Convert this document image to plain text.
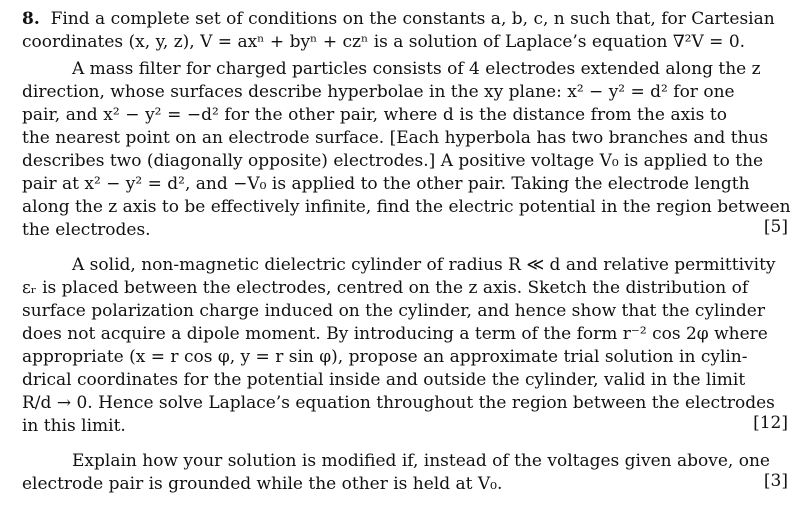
8. Find a complete set of conditions on the constants a, b, c, n such that, for Cartesian
coordinates (x, y, z), V = axⁿ + byⁿ + czⁿ is a solution of Laplace’s equation ∇²V = 0.
A mass filter for charged particles consists of 4 electrodes extended along the z
direction, whose surfaces describe hyperbolae in the xy plane: x² − y² = d² for one
pair, and x² − y² = −d² for the other pair, where d is the distance from the axis to
the nearest point on an electrode surface. [Each hyperbola has two branches and thus
describes two (diagonally opposite) electrodes.] A positive voltage V₀ is applied to the
pair at x² − y² = d², and −V₀ is applied to the other pair. Taking the electrode length
along the z axis to be effectively infinite, find the electric potential in the region between
the electrodes.	[5]
A solid, non-magnetic dielectric cylinder of radius R ≪ d and relative permittivity
εᵣ is placed between the electrodes, centred on the z axis. Sketch the distribution of
surface polarization charge induced on the cylinder, and hence show that the cylinder
does not acquire a dipole moment. By introducing a term of the form r⁻² cos 2φ where
appropriate (x = r cos φ, y = r sin φ), propose an approximate trial solution in cylin-
drical coordinates for the potential inside and outside the cylinder, valid in the limit
R/d → 0. Hence solve Laplace’s equation throughout the region between the electrodes
in this limit.	[12]
Explain how your solution is modified if, instead of the voltages given above, one
electrode pair is grounded while the other is held at V₀.	[3]
